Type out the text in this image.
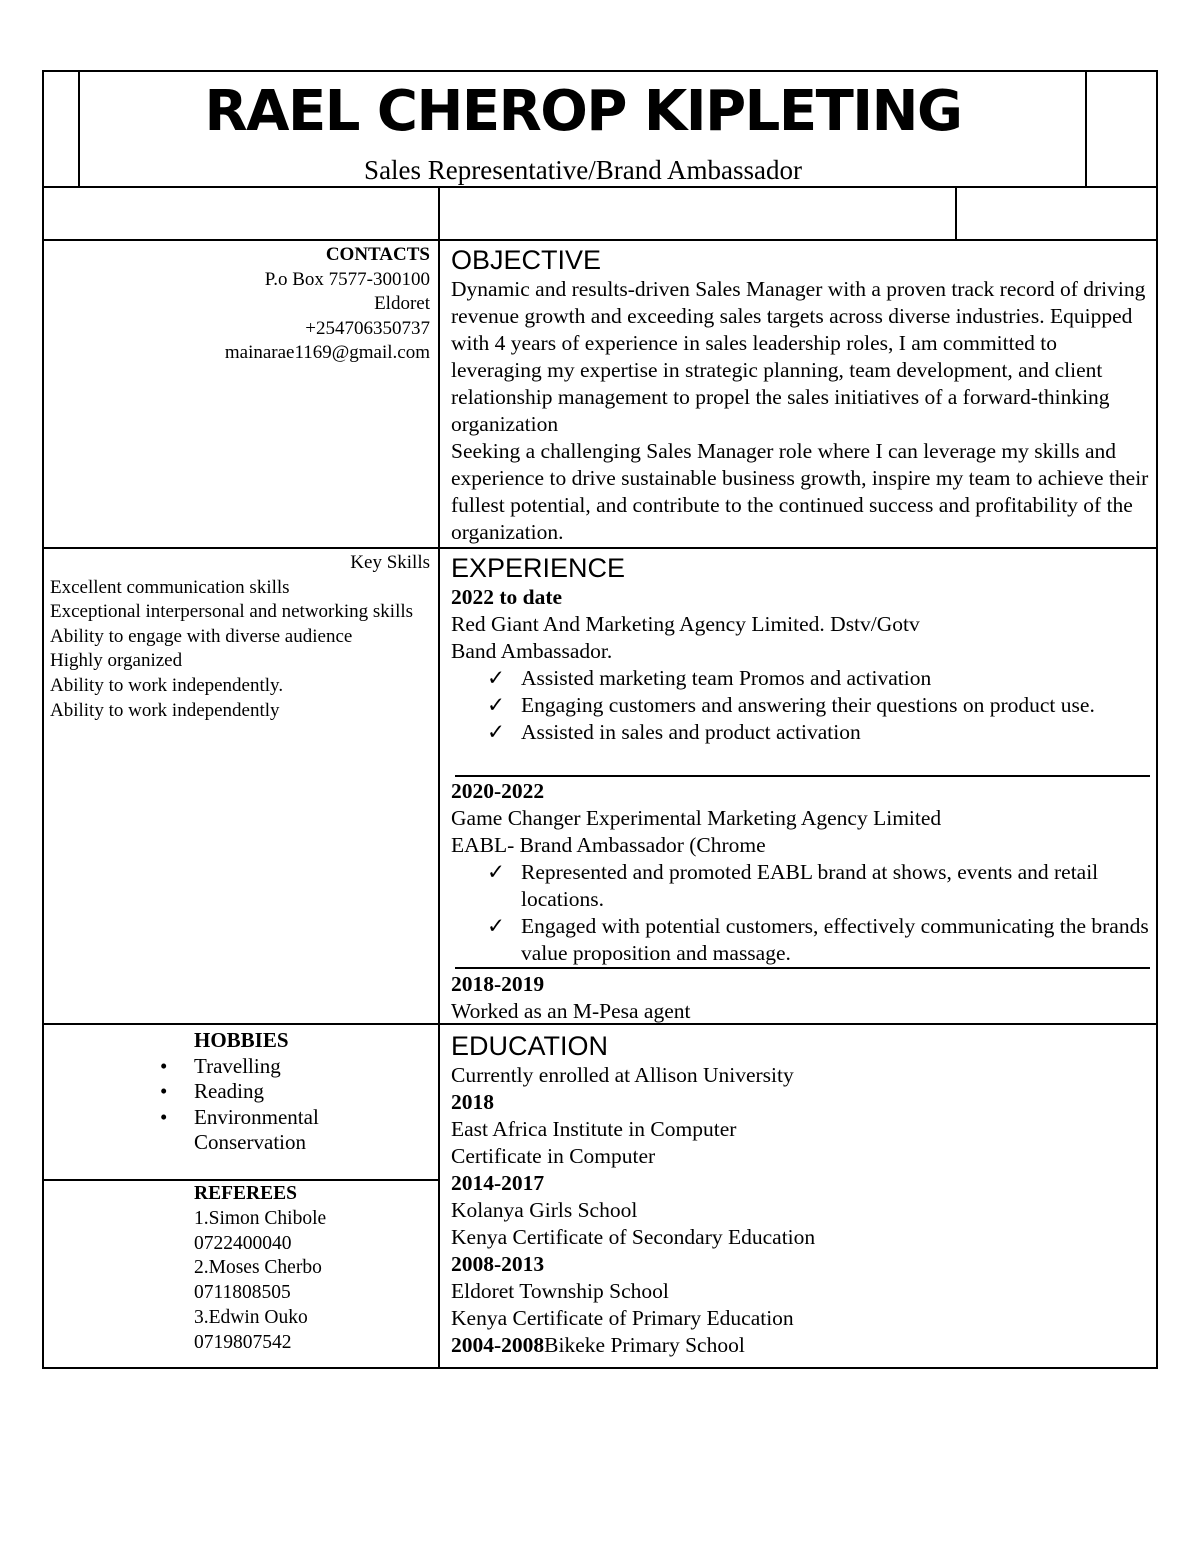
RAEL CHEROP KIPLETING
Sales Representative/Brand Ambassador

CONTACTS

P.o Box 7577-300100

Eldoret

+254706350737

mainarae1169@gmail.com

OBJECTIVE

Dynamic and results-driven Sales Manager with a proven track record of driving revenue growth and exceeding sales targets across diverse industries. Equipped with 4 years of experience in sales leadership roles, I am committed to leveraging my expertise in strategic planning, team development, and client relationship management to propel the sales initiatives of a forward-thinking organization

Seeking a challenging Sales Manager role where I can leverage my skills and experience to drive sustainable business growth, inspire my team to achieve their fullest potential, and contribute to the continued success and profitability of the organization.

Key Skills

Excellent communication skills

Exceptional interpersonal and networking skills

Ability to engage with diverse audience

Highly organized

Ability to work independently.

Ability to work independently

EXPERIENCE

2022 to date

Red Giant And Marketing Agency Limited. Dstv/Gotv

Band Ambassador.

✓ Assisted marketing team Promos and activation
✓ Engaging customers and answering their questions on product use.
✓ Assisted in sales and product activation

2020-2022

Game Changer Experimental Marketing Agency Limited

EABL- Brand Ambassador (Chrome

✓ Represented and promoted EABL brand at shows, events and retail locations.
✓ Engaged with potential customers, effectively communicating the brands value proposition and massage.

2018-2019

Worked as an M-Pesa agent

HOBBIES

• Travelling
• Reading
• Environmental Conservation

REFEREES

1.Simon Chibole

0722400040

2.Moses Cherbo

0711808505

3.Edwin Ouko

0719807542

EDUCATION

Currently enrolled at Allison University

2018

East Africa Institute in Computer

Certificate in Computer

2014-2017

Kolanya Girls School

Kenya Certificate of Secondary Education

2008-2013

Eldoret Township School

Kenya Certificate of Primary Education

2004-2008Bikeke Primary School
